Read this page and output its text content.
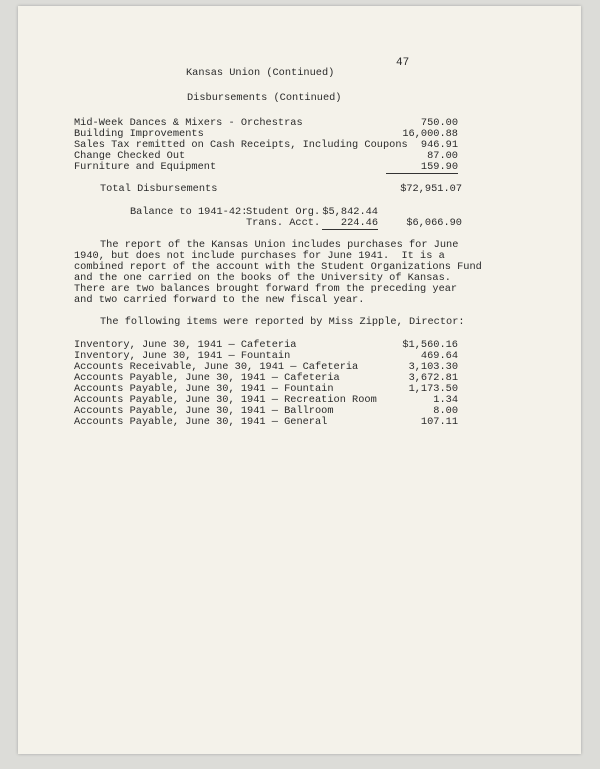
47
Kansas Union (Continued)
Disbursements (Continued)
Mid-Week Dances & Mixers - Orchestras	750.00
Building Improvements	16,000.88
Sales Tax remitted on Cash Receipts, Including Coupons	946.91
Change Checked Out	87.00
Furniture and Equipment	159.90
Total Disbursements	$72,951.07
Balance to 1941-42:
Student Org. $5,842.44
Trans. Acct.	224.46	$6,066.90
The report of the Kansas Union includes purchases for June
1940, but does not include purchases for June 1941.  It is a
combined report of the account with the Student Organizations Fund
and the one carried on the books of the University of Kansas.
There are two balances brought forward from the preceding year
and two carried forward to the new fiscal year.
The following items were reported by Miss Zipple, Director:
Inventory, June 30, 1941 — Cafeteria	$1,560.16
Inventory, June 30, 1941 — Fountain	469.64
Accounts Receivable, June 30, 1941 — Cafeteria	3,103.30
Accounts Payable, June 30, 1941 — Cafeteria	3,672.81
Accounts Payable, June 30, 1941 — Fountain	1,173.50
Accounts Payable, June 30, 1941 — Recreation Room	1.34
Accounts Payable, June 30, 1941 — Ballroom	8.00
Accounts Payable, June 30, 1941 — General	107.11
